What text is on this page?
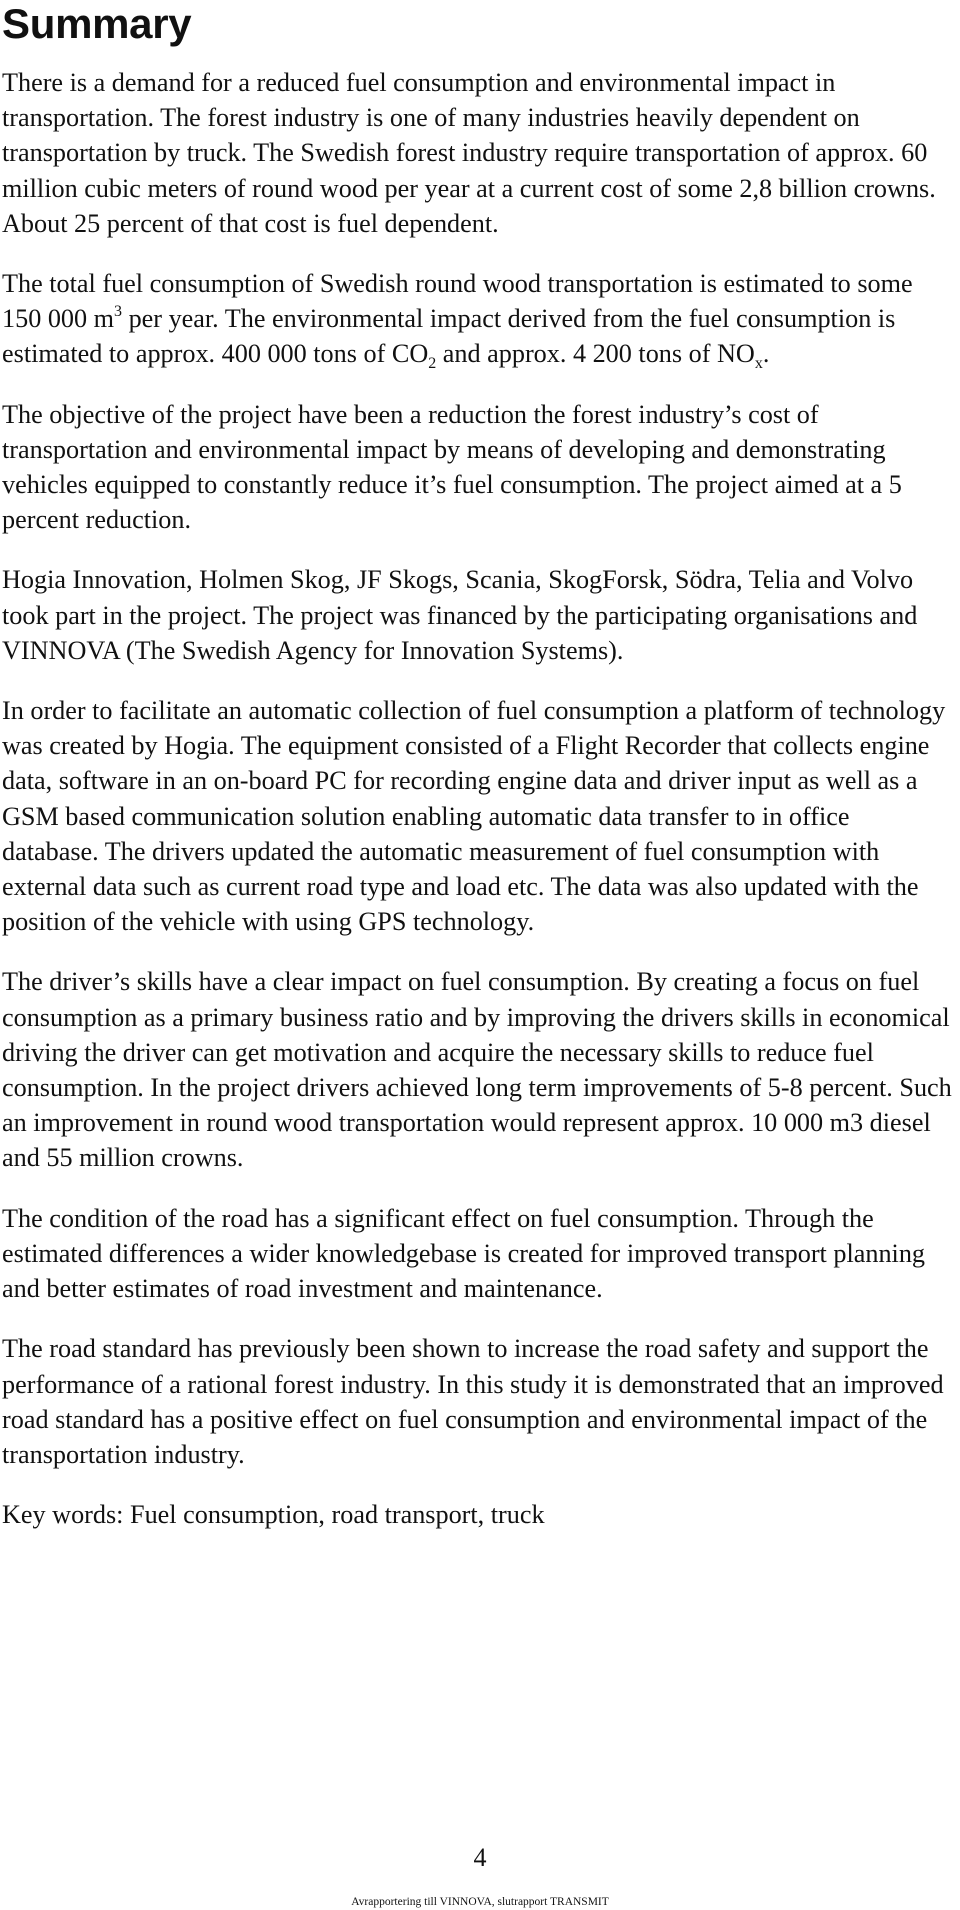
Summary

There is a demand for a reduced fuel consumption and environmental impact in transportation. The forest industry is one of many industries heavily dependent on transportation by truck. The Swedish forest industry require transportation of approx. 60 million cubic meters of round wood per year at a current cost of some 2,8 billion crowns. About 25 percent of that cost is fuel dependent.

The total fuel consumption of Swedish round wood transportation is estimated to some 150 000 $m^3$ per year. The environmental impact derived from the fuel consumption is estimated to approx. 400 000 tons of $CO_2$ and approx. 4 200 tons of $NO_x$.

The objective of the project have been a reduction the forest industry’s cost of transportation and environmental impact by means of developing and demonstrating vehicles equipped to constantly reduce it’s fuel consumption. The project aimed at a 5 percent reduction.

Hogia Innovation, Holmen Skog, JF Skogs, Scania, SkogForsk, Södra, Telia and Volvo took part in the project. The project was financed by the participating organisations and VINNOVA (The Swedish Agency for Innovation Systems).

In order to facilitate an automatic collection of fuel consumption a platform of technology was created by Hogia. The equipment consisted of a Flight Recorder that collects engine data, software in an on-board PC for recording engine data and driver input as well as a GSM based communication solution enabling automatic data transfer to in office database. The drivers updated the automatic measurement of fuel consumption with external data such as current road type and load etc. The data was also updated with the position of the vehicle with using GPS technology.

The driver’s skills have a clear impact on fuel consumption. By creating a focus on fuel consumption as a primary business ratio and by improving the drivers skills in economical driving the driver can get motivation and acquire the necessary skills to reduce fuel consumption. In the project drivers achieved long term improvements of 5-8 percent. Such an improvement in round wood transportation would represent approx. 10 000 m3 diesel and 55 million crowns.

The condition of the road has a significant effect on fuel consumption. Through the estimated differences a wider knowledgebase is created for improved transport planning and better estimates of road investment and maintenance.

The road standard has previously been shown to increase the road safety and support the performance of a rational forest industry. In this study it is demonstrated that an improved road standard has a positive effect on fuel consumption and environmental impact of the transportation industry.

Key words: Fuel consumption, road transport, truck

4
Avrapportering till VINNOVA, slutrapport TRANSMIT
